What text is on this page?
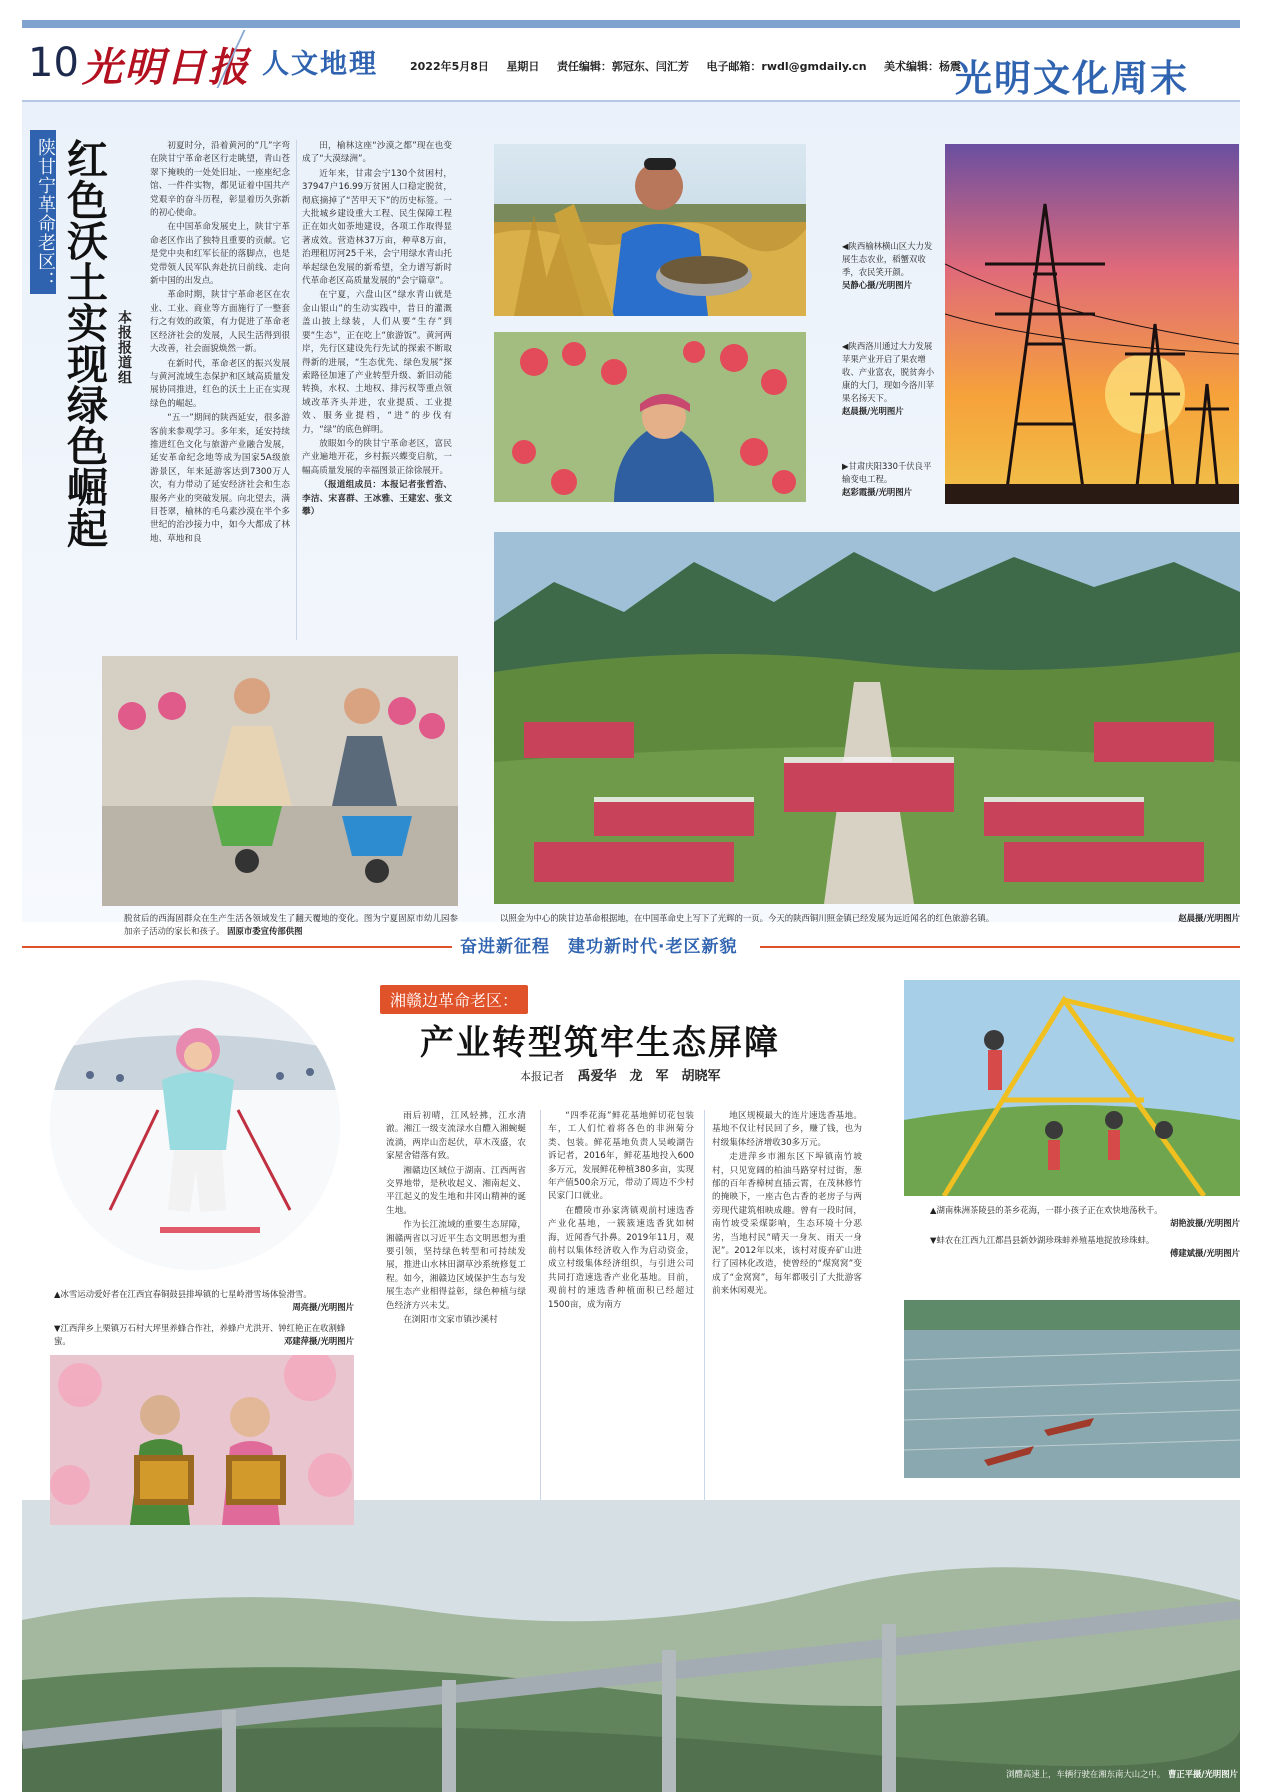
10 光明日报 人文地理	2022年5月8日 星期日 责任编辑：郭冠东、闫汇芳 电子邮箱：rwdl@gmdaily.cn 美术编辑：杨震
光明文化周末
陕甘宁革命老区： 红色沃土实现绿色崛起 本报报道组

初夏时分，沿着黄河的“几”字弯在陕甘宁革命老区行走眺望，青山苍翠下掩映的一处处旧址、一座座纪念馆、一件件实物，都见证着中国共产党艰辛的奋斗历程，彰显着历久弥新的初心使命。

在中国革命发展史上，陕甘宁革命老区作出了独特且重要的贡献。它是党中央和红军长征的落脚点，也是党带领人民军队奔赴抗日前线、走向新中国的出发点。

革命时期，陕甘宁革命老区在农业、工业、商业等方面施行了一整套行之有效的政策，有力促进了革命老区经济社会的发展，人民生活得到很大改善，社会面貌焕然一新。

在新时代，革命老区的振兴发展与黄河流域生态保护和区域高质量发展协同推进，红色的沃土上正在实现绿色的崛起。

“五一”期间的陕西延安，很多游客前来参观学习。多年来，延安持续推进红色文化与旅游产业融合发展，延安革命纪念地等成为国家5A级旅游景区，年来延游客达到7300万人次，有力带动了延安经济社会和生态服务产业的突破发展。向北望去，满目苍翠，榆林的毛乌素沙漠在半个多世纪的治沙接力中，如今大都成了林地、草地和良

田，榆林这座“沙漠之都”现在也变成了“大漠绿洲”。

近年来，甘肃会宁130个贫困村，37947户16.99万贫困人口稳定脱贫，彻底摘掉了“苦甲天下”的历史标签。一大批城乡建设重大工程、民生保障工程正在如火如荼地建设，各项工作取得显著成效。营造林37万亩，种草8万亩，治理租厉河25千米，会宁用绿水青山托举起绿色发展的新希望，全力谱写新时代革命老区高质量发展的“会宁篇章”。

在宁夏，六盘山区“绿水青山就是金山银山”的生动实践中，昔日的灌溉盖山披上绿装，人们从要“生存”到要“生态”，正在吃上“旅游饭”。黄河两岸，先行区建设先行先试的探索不断取得新的进展，“生态优先、绿色发展”探索路径加速了产业转型升级、新旧动能转换，水权、土地权、排污权等重点领域改革齐头并进，农业提质、工业提效、服务业提档，“进”的步伐有力，“绿”的底色鲜明。

放眼如今的陕甘宁革命老区，富民产业遍地开花，乡村振兴蝶变启航，一幅高质量发展的幸福图景正徐徐展开。

（报道组成员：本报记者张哲浩、李洁、宋喜群、王冰雅、王建宏、张文攀）

◀陕西榆林横山区大力发展生态农业，稻蟹双收季，农民笑开颜。
吴静心摄/光明图片
◀陕西洛川通过大力发展苹果产业开启了果农增收、产业富农，脱贫奔小康的大门，现如今洛川苹果名扬天下。
赵晨摄/光明图片
▶甘肃庆阳330千伏良平输变电工程。
赵彩霞摄/光明图片
脱贫后的西海固群众在生产生活各领域发生了翻天覆地的变化。图为宁夏固原市幼儿园参加亲子活动的家长和孩子。 固原市委宣传部供图
以照金为中心的陕甘边革命根据地，在中国革命史上写下了光辉的一页。今天的陕西铜川照金镇已经发展为远近闻名的红色旅游名镇。	赵晨摄/光明图片
奋进新征程　建功新时代·老区新貌
▲冰雪运动爱好者在江西宜春铜鼓县排埠镇的七星岭滑雪场体验滑雪。
周亮摄/光明图片
▼江西萍乡上栗镇万石村大坪里养蜂合作社，养蜂户尤洪开、钟红艳正在收割蜂蜜。	邓建萍摄/光明图片
湘赣边革命老区：
产业转型筑牢生态屏障
本报记者 禹爱华　龙　军　胡晓军

雨后初晴，江风轻拂，江水清澈。湘江一级支流渌水自醴入湘蜿蜒流淌，两岸山峦起伏，草木茂盛，农家屋舍错落有致。

湘赣边区域位于湖南、江西两省交界地带，是秋收起义、湘南起义、平江起义的发生地和井冈山精神的诞生地。

作为长江流域的重要生态屏障，湘赣两省以习近平生态文明思想为重要引领，坚持绿色转型和可持续发展，推进山水林田湖草沙系统修复工程。如今，湘赣边区域保护生态与发展生态产业相得益彰，绿色种植与绿色经济方兴未艾。

在浏阳市文家市镇沙溪村

“四季花海”鲜花基地鲜切花包装车，工人们忙着将各色的非洲菊分类、包装。鲜花基地负责人吴峻湖告诉记者，2016年，鲜花基地投入600多万元，发展鲜花种植380多亩，实现年产值500余万元，带动了周边不少村民家门口就业。

在醴陵市孙家湾镇观前村速选香产业化基地，一簇簇速选香犹如树海，近闻香气扑鼻。2019年11月，观前村以集体经济收入作为启动资金，成立村级集体经济组织，与引进公司共同打造速选香产业化基地。目前，观前村的速选香种植面积已经超过1500亩，成为南方

地区规模最大的连片速选香基地。基地不仅让村民回了乡，赚了钱，也为村级集体经济增收30多万元。

走进萍乡市湘东区下埠镇南竹坡村，只见宽阔的柏油马路穿村过街，葱郁的百年香樟树直插云霄，在茂林修竹的掩映下，一座古色古香的老房子与两旁现代建筑相映成趣。曾有一段时间，南竹坡受采煤影响，生态环境十分恶劣，当地村民“晴天一身灰、雨天一身泥”。2012年以来，该村对废弃矿山进行了园林化改造，使曾经的“煤窝窝”变成了“金窝窝”，每年都吸引了大批游客前来休闲观光。

▲湖南株洲茶陵县的茶乡花海，一群小孩子正在欢快地荡秋千。

胡艳波摄/光明图片
▼蚌农在江西九江都昌县新妙湖珍珠蚌养殖基地捉放珍珠蚌。

傅建斌摄/光明图片
浏醴高速上，车辆行驶在湘东南大山之中。 曹正平摄/光明图片
